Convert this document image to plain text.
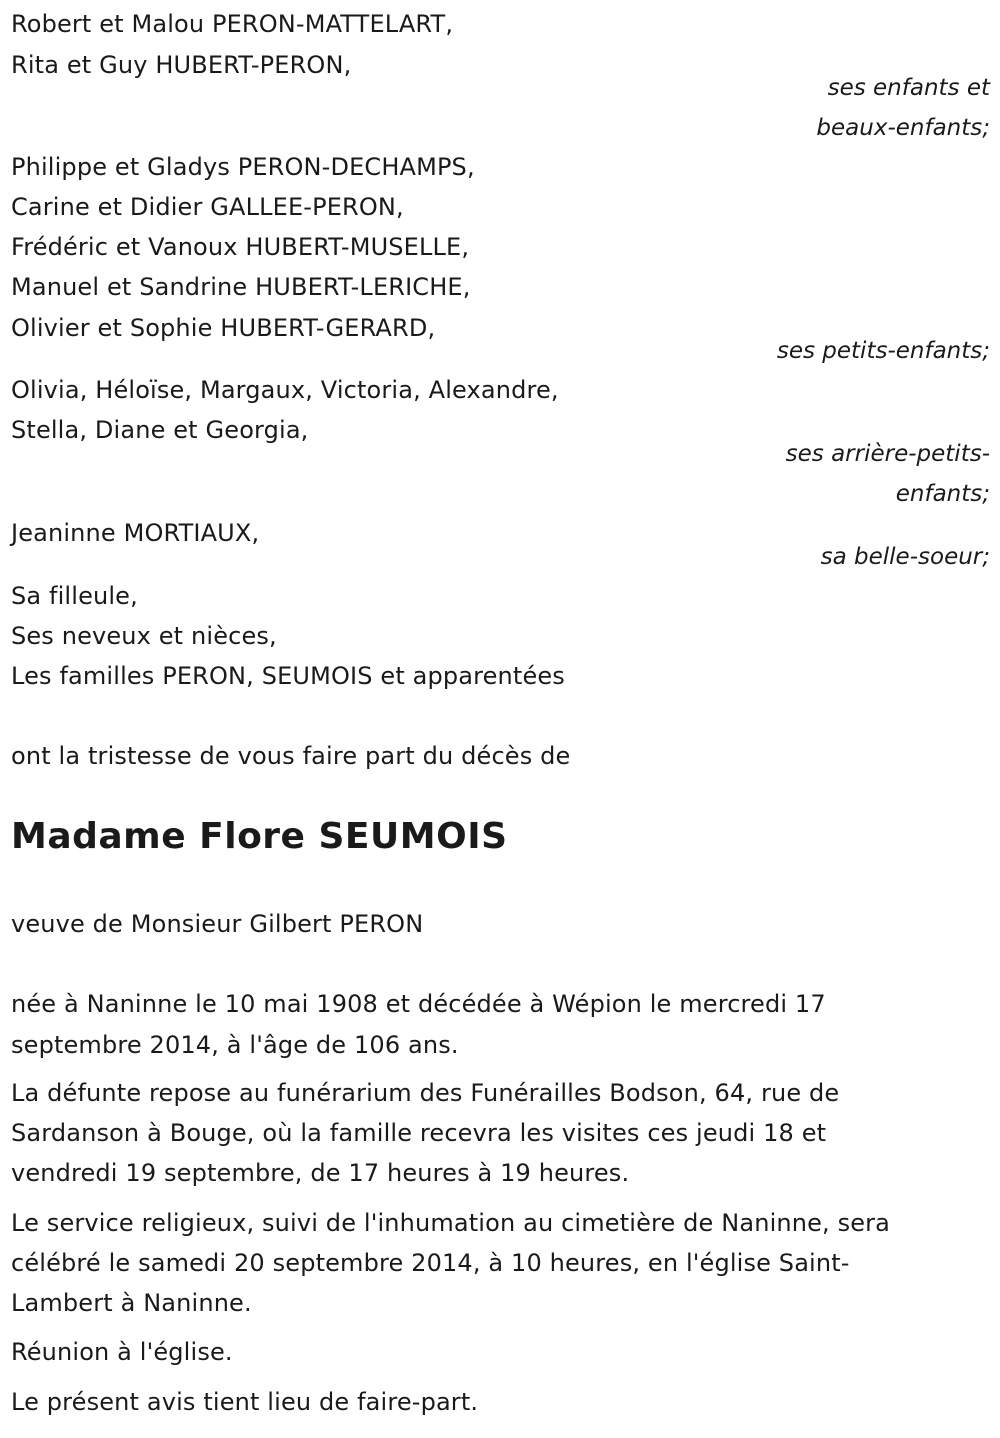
Robert et Malou PERON-MATTELART,
Rita et Guy HUBERT-PERON,
ses enfants et
beaux-enfants;
Philippe et Gladys PERON-DECHAMPS,
Carine et Didier GALLEE-PERON,
Frédéric et Vanoux HUBERT-MUSELLE,
Manuel et Sandrine HUBERT-LERICHE,
Olivier et Sophie HUBERT-GERARD,
ses petits-enfants;
Olivia, Héloïse, Margaux, Victoria, Alexandre,
Stella, Diane et Georgia,
ses arrière-petits-
enfants;
Jeaninne MORTIAUX,
sa belle-soeur;
Sa filleule,
Ses neveux et nièces,
Les familles PERON, SEUMOIS et apparentées
ont la tristesse de vous faire part du décès de
Madame Flore SEUMOIS
veuve de Monsieur Gilbert PERON
née à Naninne le 10 mai 1908 et décédée à Wépion le mercredi 17
septembre 2014, à l'âge de 106 ans.
La défunte repose au funérarium des Funérailles Bodson, 64, rue de
Sardanson à Bouge, où la famille recevra les visites ces jeudi 18 et
vendredi 19 septembre, de 17 heures à 19 heures.
Le service religieux, suivi de l'inhumation au cimetière de Naninne, sera
célébré le samedi 20 septembre 2014, à 10 heures, en l'église Saint-
Lambert à Naninne.
Réunion à l'église.
Le présent avis tient lieu de faire-part.
